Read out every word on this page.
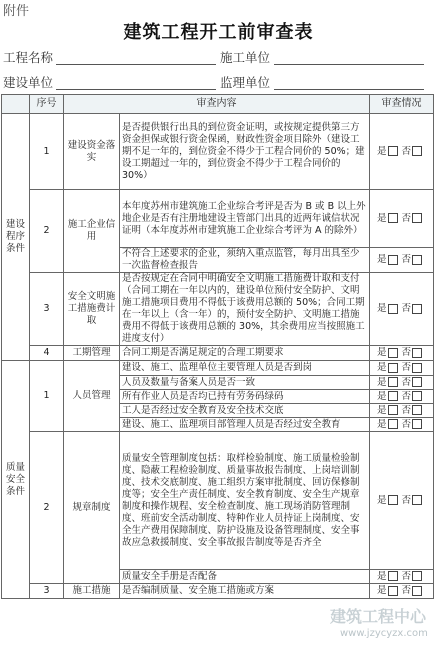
附件
建筑工程开工前审查表
工程名称	施工单位
建设单位	监理单位
	序号	审查内容		审查情况
建设程序条件	1	建设资金落实	是否提供银行出具的到位资金证明，或按规定提供第三方资金担保或银行资金保函，财政性资金项目除外（建设工期不足一年的，到位资金不得少于工程合同价的 50%；建设工期超过一年的，到位资金不得少于工程合同价的 30%）	是 否
	2	施工企业信用	本年度苏州市建筑施工企业综合考评是否为 B 或 B 以上外地企业是否有注册地建设主管部门出具的近两年诚信状况证明（本年度苏州市建筑施工企业综合考评为 A 的除外）	是 否
			不符合上述要求的企业，须纳入重点监管，每月出具至少一次监督检查报告	是 否
	3	安全文明施工措施费计取	是否按规定在合同中明确安全文明施工措施费计取和支付（合同工期在一年以内的，建设单位预付安全防护、文明施工措施项目费用不得低于该费用总额的 50%；合同工期在一年以上（含一年）的，预付安全防护、文明施工措施费用不得低于该费用总额的 30%，其余费用应当按照施工进度支付）	是 否
	4	工期管理	合同工期是否满足规定的合理工期要求	是 否
质量安全条件	1	人员管理	建设、施工、监理单位主要管理人员是否到岗	是 否
			人员及数量与备案人员是否一致	是 否
			所有作业人员是否均已持有劳务码绿码	是 否
			工人是否经过安全教育及安全技术交底	是 否
			建设、施工、监理项目部管理人员是否经过安全教育	是 否
	2	规章制度	质量安全管理制度包括：取样检验制度、施工质量检验制度、隐蔽工程检验制度、质量事故报告制度、上岗培训制度、技术交底制度、施工组织方案审批制度、回访保修制度等；安全生产责任制度、安全教育制度、安全生产规章制度和操作规程、安全检查制度、施工现场消防管理制度、班前安全活动制度、特种作业人员持证上岗制度、安全生产费用保障制度、防护设施及设备管理制度、安全事故应急救援制度、安全事故报告制度等是否齐全	是 否
			质量安全手册是否配备	是 否
	3	施工措施	是否编制质量、安全施工措施或方案	是 否
建筑工程中心
www.jzycyzx.com
